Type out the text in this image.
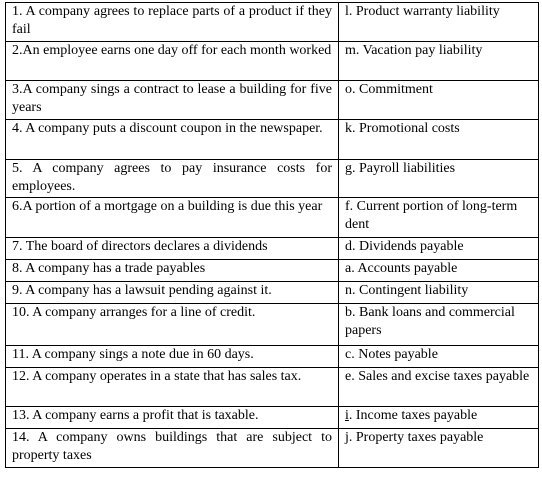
1. A company agrees to replace parts of a product if they fail	l. Product warranty liability
2.An employee earns one day off for each month worked	m. Vacation pay liability
3.A company sings a contract to lease a building for five years	o. Commitment
4. A company puts a discount coupon in the newspaper.	k. Promotional costs
5. A company agrees to pay insurance costs for employees.	g. Payroll liabilities
6.A portion of a mortgage on a building is due this year	f. Current portion of long-term dent
7. The board of directors declares a dividends	d. Dividends payable
8. A company has a trade payables	a. Accounts payable
9. A company has a lawsuit pending against it.	n. Contingent liability
10. A company arranges for a line of credit.	b. Bank loans and commercial papers
11. A company sings a note due in 60 days.	c. Notes payable
12. A company operates in a state that has sales tax.	e. Sales and excise taxes payable
13. A company earns a profit that is taxable.	i. Income taxes payable
14. A company owns buildings that are subject to property taxes	j. Property taxes payable
